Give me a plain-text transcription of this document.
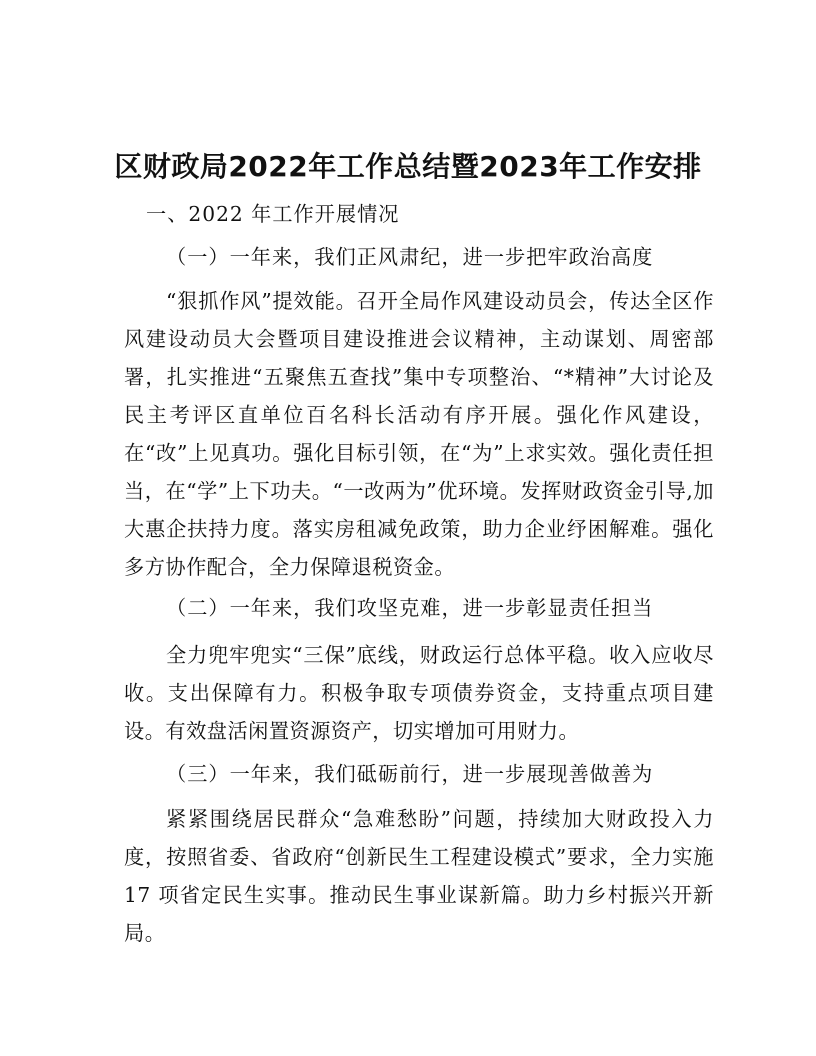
区财政局2022年工作总结暨2023年工作安排
一、2022 年工作开展情况
（一）一年来，我们正风肃纪，进一步把牢政治高度
“狠抓作风”提效能。召开全局作风建设动员会，传达全区作风建设动员大会暨项目建设推进会议精神，主动谋划、周密部署，扎实推进“五聚焦五查找”集中专项整治、“*精神”大讨论及民主考评区直单位百名科长活动有序开展。强化作风建设，在“改”上见真功。强化目标引领，在“为”上求实效。强化责任担当，在“学”上下功夫。“一改两为”优环境。发挥财政资金引导,加大惠企扶持力度。落实房租减免政策，助力企业纾困解难。强化多方协作配合，全力保障退税资金。
（二）一年来，我们攻坚克难，进一步彰显责任担当
全力兜牢兜实“三保”底线，财政运行总体平稳。收入应收尽收。支出保障有力。积极争取专项债券资金，支持重点项目建设。有效盘活闲置资源资产，切实增加可用财力。
（三）一年来，我们砥砺前行，进一步展现善做善为
紧紧围绕居民群众“急难愁盼”问题，持续加大财政投入力度，按照省委、省政府“创新民生工程建设模式”要求，全力实施 17 项省定民生实事。推动民生事业谋新篇。助力乡村振兴开新局。
